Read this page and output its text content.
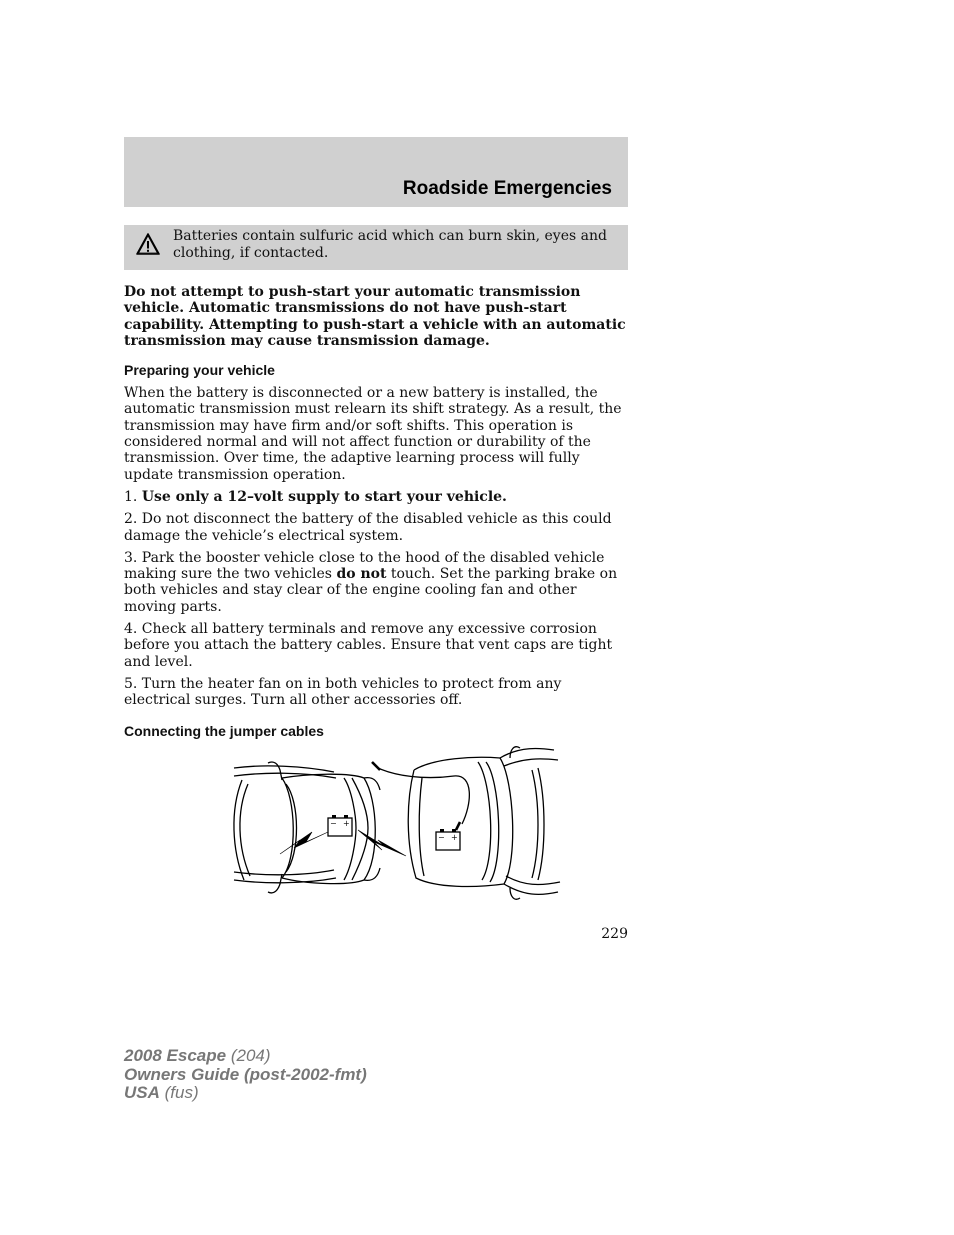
Roadside Emergencies

Batteries contain sulfuric acid which can burn skin, eyes and clothing, if contacted.

Do not attempt to push-start your automatic transmission vehicle. Automatic transmissions do not have push-start capability. Attempting to push-start a vehicle with an automatic transmission may cause transmission damage.

Preparing your vehicle

When the battery is disconnected or a new battery is installed, the automatic transmission must relearn its shift strategy. As a result, the transmission may have firm and/or soft shifts. This operation is considered normal and will not affect function or durability of the transmission. Over time, the adaptive learning process will fully update transmission operation.

1. Use only a 12–volt supply to start your vehicle.

2. Do not disconnect the battery of the disabled vehicle as this could damage the vehicle’s electrical system.

3. Park the booster vehicle close to the hood of the disabled vehicle making sure the two vehicles do not touch. Set the parking brake on both vehicles and stay clear of the engine cooling fan and other moving parts.

4. Check all battery terminals and remove any excessive corrosion before you attach the battery cables. Ensure that vent caps are tight and level.

5. Turn the heater fan on in both vehicles to protect from any electrical surges. Turn all other accessories off.

Connecting the jumper cables
− +
− +
229
2008 Escape (204)
Owners Guide (post-2002-fmt)
USA (fus)
